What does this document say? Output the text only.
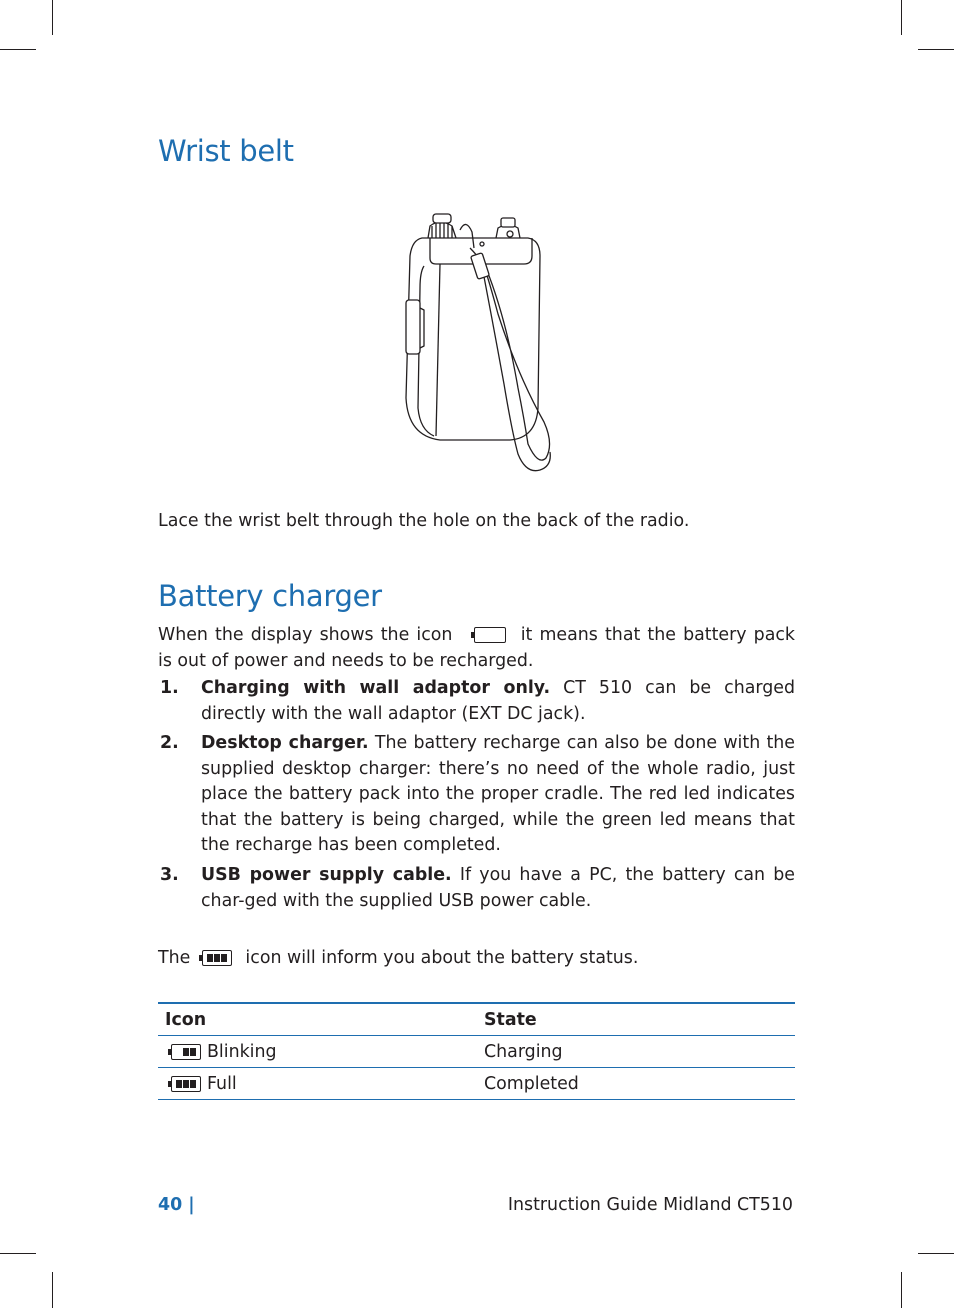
Wrist belt

Lace the wrist belt through the hole on the back of the radio.

Battery charger

When the display shows the icon	it means that the battery pack is out of power and needs to be recharged.

1. Charging with wall adaptor only. CT 510 can be charged directly with the wall adaptor (EXT DC jack).
2. Desktop charger. The battery recharge can also be done with the supplied desktop charger: there’s no need of the whole radio, just place the battery pack into the proper cradle. The red led indicates that the battery is being charged, while the green led means that the recharge has been completed.
3. USB power supply cable. If you have a PC, the battery can be char-ged with the supplied USB power cable.

The	icon will inform you about the battery status.

Icon	State

Blinking	Charging

Full	Completed
40 |	Instruction Guide Midland CT510
